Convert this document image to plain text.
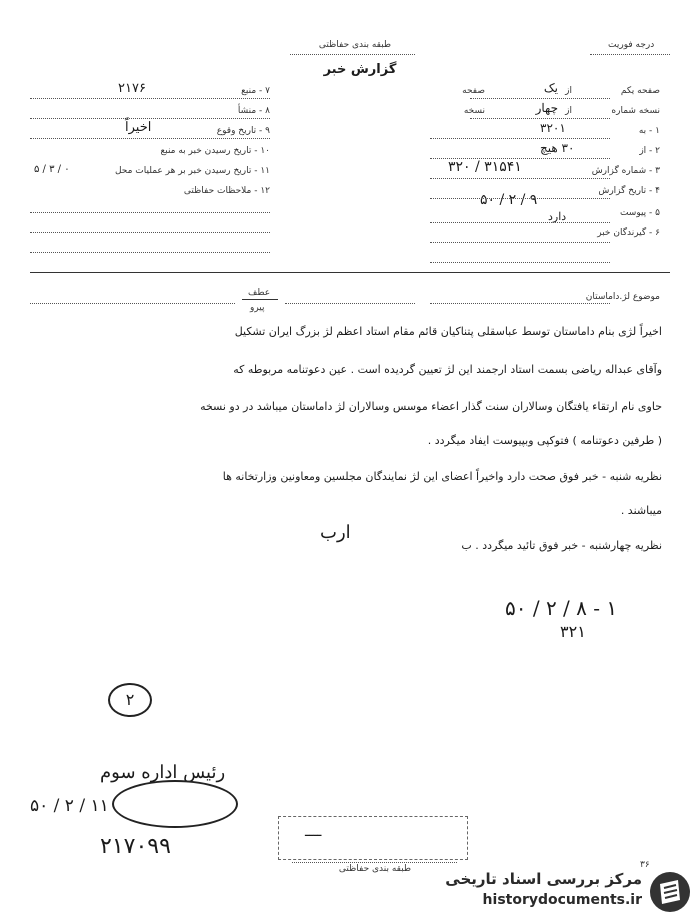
طبقه بندی حفاظتی	درجه فوریت
گزارش خبر
۷ - منبع
۲۱۷۶
۸ - منشأ
۹ - تاریخ وقوع
اخیراً
۱۰ - تاریخ رسیدن خبر به منبع
۱۱ - تاریخ رسیدن خبر بر هر عملیات محل
۵ / ۳ / ۰
۱۲ - ملاحظات حفاظتی
صفحه یکم
از
یک
صفحه
نسخه شماره
از
چهار
نسخه
۱ - به
۳۲۰۱
۲ - از
۳۰ هیچ
۳ - شماره گزارش
۳۲۰ / ۳۱۵۴۱
۴ - تاریخ گزارش
۵۰ / ۲ / ۹
دارد	۵ - پیوست
۶ - گیرندگان خبر
موضوع لژ.داماستان
عطف
پیرو
اخیراً لژی بنام داماستان توسط عباسقلی پتناکیان قائم مقام استاد اعظم لژ بزرگ ایران تشکیل
وآقای عبداله ریاضی بسمت استاد ارجمند این لژ تعیین گردیده است . عین دعوتنامه مربوطه که
حاوی نام ارتقاء یافتگان وسالاران سنت گذار اعضاء موسس وسالاران لژ داماستان میباشد در دو نسخه
( طرفین دعوتنامه ) فتوکپی وبپیوست ایفاد میگردد .
نظریه شنبه - خبر فوق صحت دارد واخیراً اعضای این لژ نمایندگان مجلسین ومعاونین وزارتخانه ها
میباشند .
نظریه چهارشنبه - خبر فوق تائید میگردد . ب
ارب
۵۰ / ۲ / ۸ - ۱
۳۲۱
۲
رئیس اداره سوم
۵۰ / ۲ / ۱۱
۲۱۷۰۹۹
ــــ
طبقه بندی حفاظتی	۳۶
مرکز بررسی اسناد تاریخی
historydocuments.ir
